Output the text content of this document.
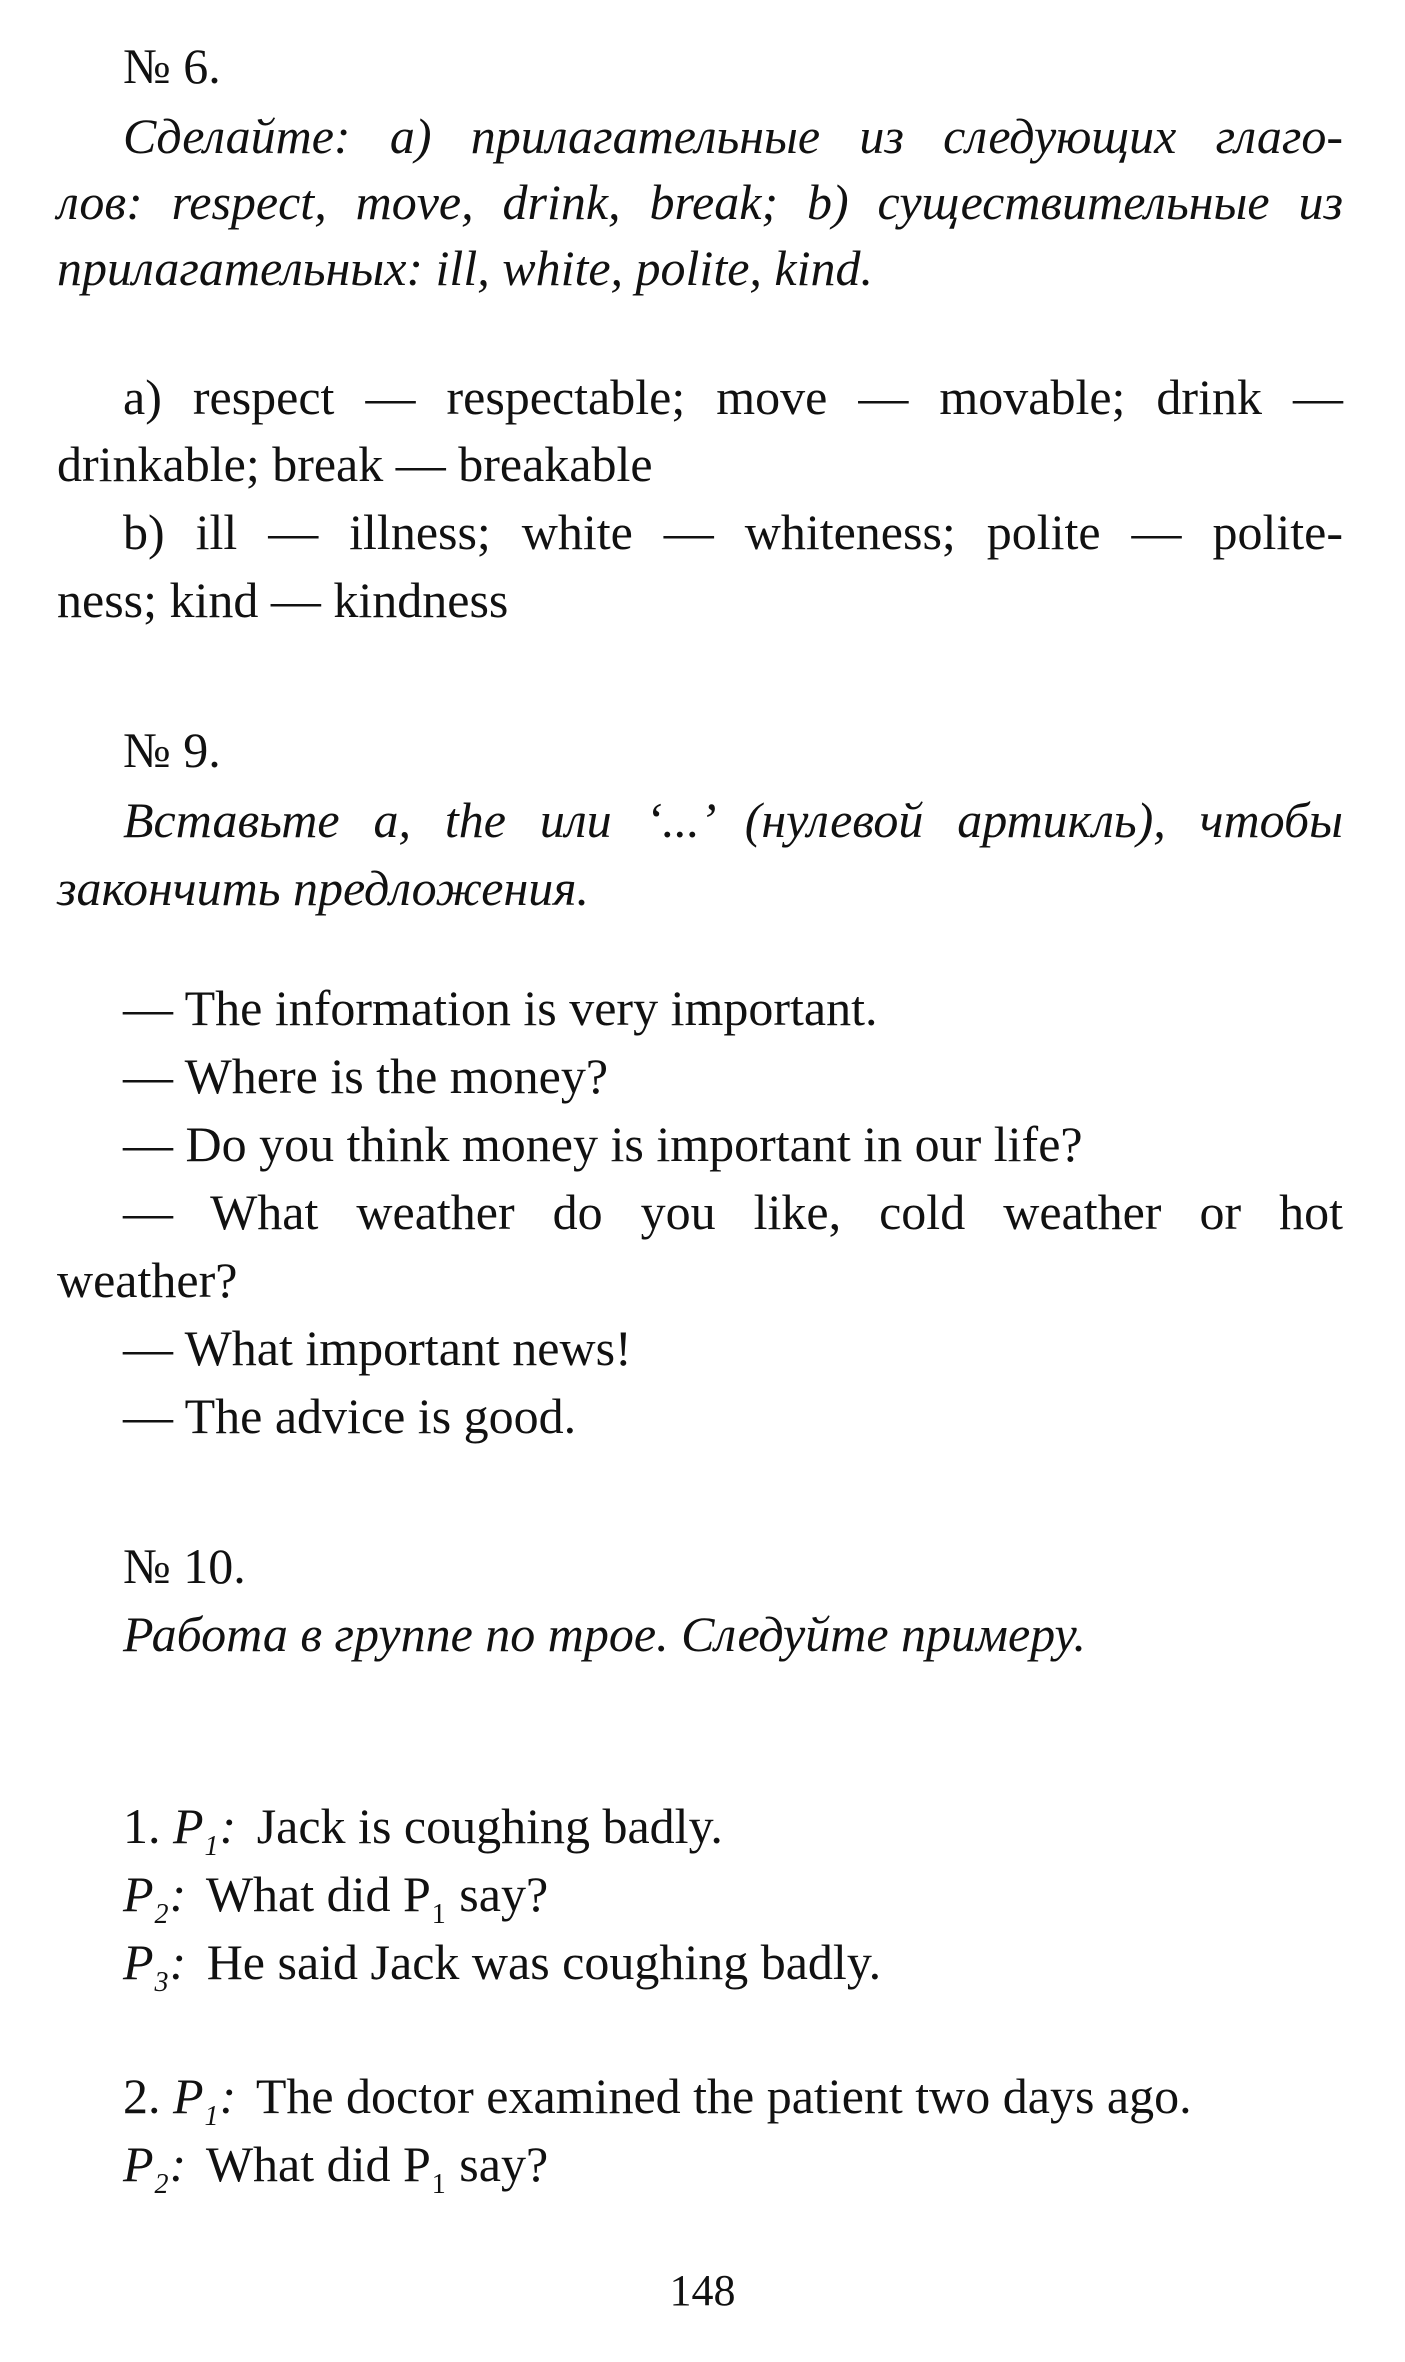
№ 6.
Сделайте: a) прилагательные из следующих глаго-
лов: respect, move, drink, break; b) существительные из
прилагательных: ill, white, polite, kind.
a) respect — respectable; move — movable; drink —
drinkable; break — breakable
b) ill — illness; white — whiteness; polite — polite-
ness; kind — kindness
№ 9.
Вставьте a, the или ‘...’ (нулевой артикль), чтобы
закончить предложения.
— The information is very important.
— Where is the money?
— Do you think money is important in our life?
— What weather do you like, cold weather or hot
weather?
— What important news!
— The advice is good.
№ 10.
Работа в группе по трое. Следуйте примеру.
1. $P_1$: Jack is coughing badly.
$P_2$: What did $P_1$ say?
$P_3$: He said Jack was coughing badly.
2. $P_1$: The doctor examined the patient two days ago.
$P_2$: What did $P_1$ say?
148
